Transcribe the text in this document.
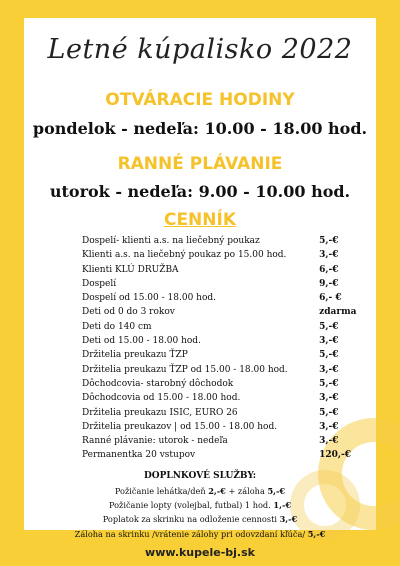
Letné kúpalisko 2022
OTVÁRACIE HODINY
pondelok - nedeľa: 10.00 - 18.00 hod.
RANNÉ PLÁVANIE
utorok - nedeľa: 9.00 - 10.00 hod.
CENNÍK
Dospelí- klienti a.s. na liečebný poukaz	5,-€
Klienti a.s. na liečebný poukaz po 15.00 hod.	3,-€
Klienti KLÚ DRUŽBA	6,-€
Dospelí	9,-€
Dospelí od 15.00 - 18.00 hod.	6,- €
Deti od 0 do 3 rokov	zdarma
Deti do 140 cm	5,-€
Deti od 15.00 - 18.00 hod.	3,-€
Držitelia preukazu ŤZP	5,-€
Držitelia preukazu ŤZP od 15.00 - 18.00 hod.	3,-€
Dôchodcovia- starobný dôchodok	5,-€
Dôchodcovia od 15.00 - 18.00 hod.	3,-€
Držitelia preukazu ISIC, EURO 26	5,-€
Držitelia preukazov | od 15.00 - 18.00 hod.	3,-€
Ranné plávanie: utorok - nedeľa	3,-€
Permanentka 20 vstupov	120,-€
DOPLNKOVÉ SLUŽBY:
Požičanie lehátka/deň 2,-€ + záloha 5,-€
Požičanie lopty (volejbal, futbal) 1 hod. 1,-€
Poplatok za skrinku na odloženie cennosti 3,-€
Záloha na skrinku /vrátenie zálohy pri odovzdaní kľúča/ 5,-€
www.kupele-bj.sk
